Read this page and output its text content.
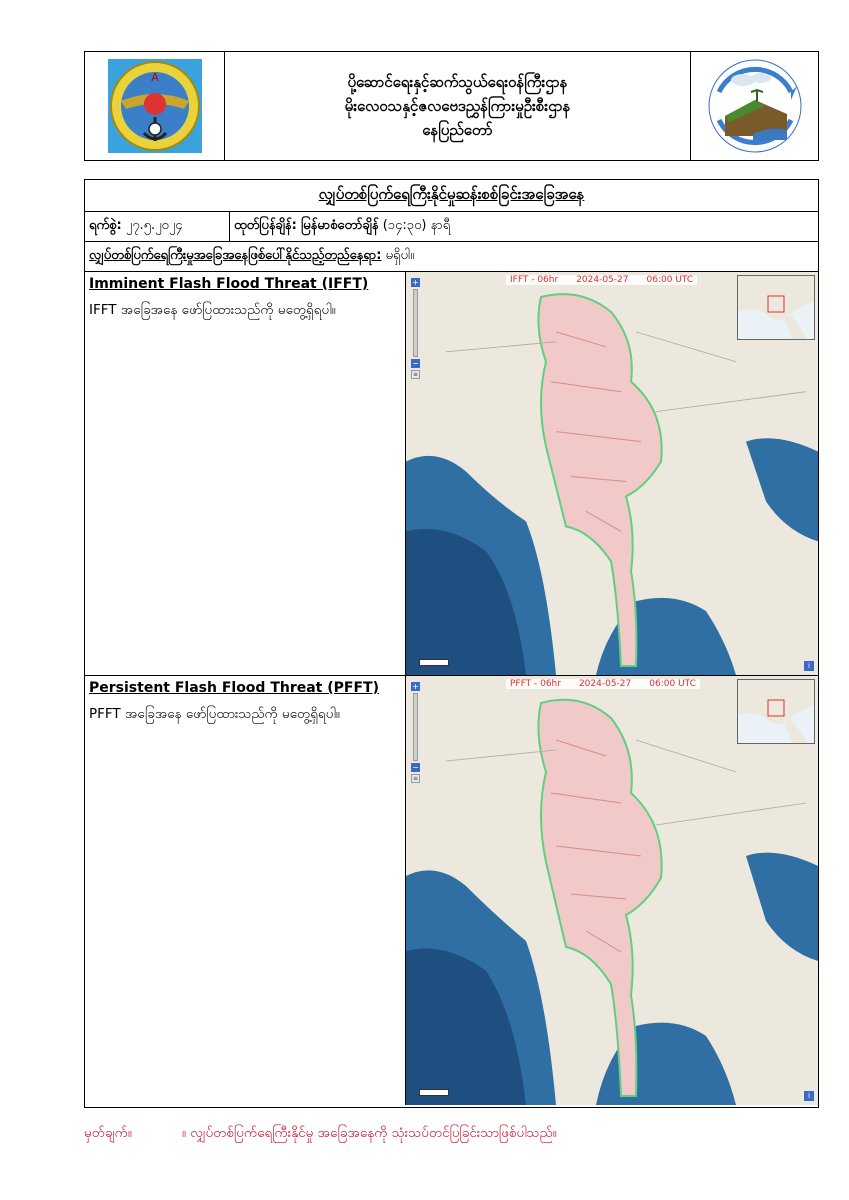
A	ပို့ဆောင်ရေးနှင့်ဆက်သွယ်ရေးဝန်ကြီးဌာန
မိုးလေဝသနှင့်ဇလဗေဒညွှန်ကြားမှုဦးစီးဌာန
နေပြည်တော်
လျှပ်တစ်ပြက်ရေကြီးနိုင်မှုဆန်းစစ်ခြင်းအခြေအနေ
ရက်စွဲ: ၂၇.၅.၂၀၂၄	ထုတ်ပြန်ချိန်: မြန်မာစံတော်ချိန် (၁၄:၃၀) နာရီ
လျှပ်တစ်ပြက်ရေကြီးမှုအခြေအနေဖြစ်ပေါ်နိုင်သည့်တည်နေရာ: မရှိပါ။
Imminent Flash Flood Threat (IFFT)
IFFT အခြေအနေ ဖော်ပြထားသည်ကို မတွေ့ရှိရပါ။
IFFT - 06hr 2024-05-27 06:00 UTC
+
−
≡
i
Persistent Flash Flood Threat (PFFT)
PFFT အခြေအနေ ဖော်ပြထားသည်ကို မတွေ့ရှိရပါ။
PFFT - 06hr 2024-05-27 06:00 UTC
+
−
≡
i
မှတ်ချက်။	။ လျှပ်တစ်ပြက်ရေကြီးနိုင်မှု အခြေအနေကို သုံးသပ်တင်ပြခြင်းသာဖြစ်ပါသည်။
